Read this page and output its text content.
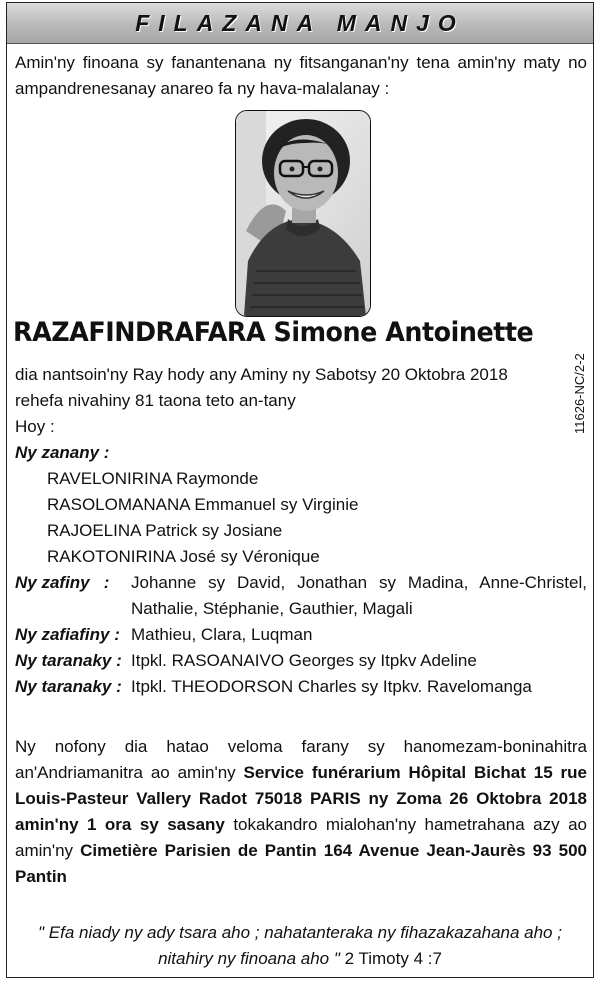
FILAZANA MANJO
Amin'ny finoana sy fanantenana ny fitsanganan'ny tena amin'ny maty no ampandrenesanay anareo fa ny hava-malalanay :
RAZAFINDRAFARA Simone Antoinette
dia nantsoin'ny Ray hody any Aminy ny Sabotsy 20 Oktobra 2018
rehefa nivahiny 81 taona teto an-tany
Hoy :
Ny zanany :
RAVELONIRINA Raymonde
RASOLOMANANA Emmanuel sy Virginie
RAJOELINA Patrick sy Josiane
RAKOTONIRINA José sy Véronique
Ny zafiny   :	Johanne sy David, Jonathan sy Madina, Anne-Christel,
Nathalie, Stéphanie, Gauthier, Magali
Ny zafiafiny : Mathieu, Clara, Luqman
Ny taranaky : Itpkl. RASOANAIVO Georges sy Itpkv Adeline
Ny taranaky : Itpkl. THEODORSON Charles sy Itpkv. Ravelomanga
11626-NC/2-2
Ny nofony dia hatao veloma farany sy hanomezam-boninahitra an'Andriamanitra ao amin'ny Service funérarium Hôpital Bichat 15 rue Louis-Pasteur Vallery Radot 75018 PARIS ny Zoma 26 Oktobra 2018 amin'ny 1 ora sy sasany tokakandro mialohan'ny hametrahana azy ao amin'ny Cimetière Parisien de Pantin 164 Avenue Jean-Jaurès 93 500 Pantin
" Efa niady ny ady tsara aho ; nahatanteraka ny fihazakazahana aho ;
nitahiry ny finoana aho " 2 Timoty 4 :7
